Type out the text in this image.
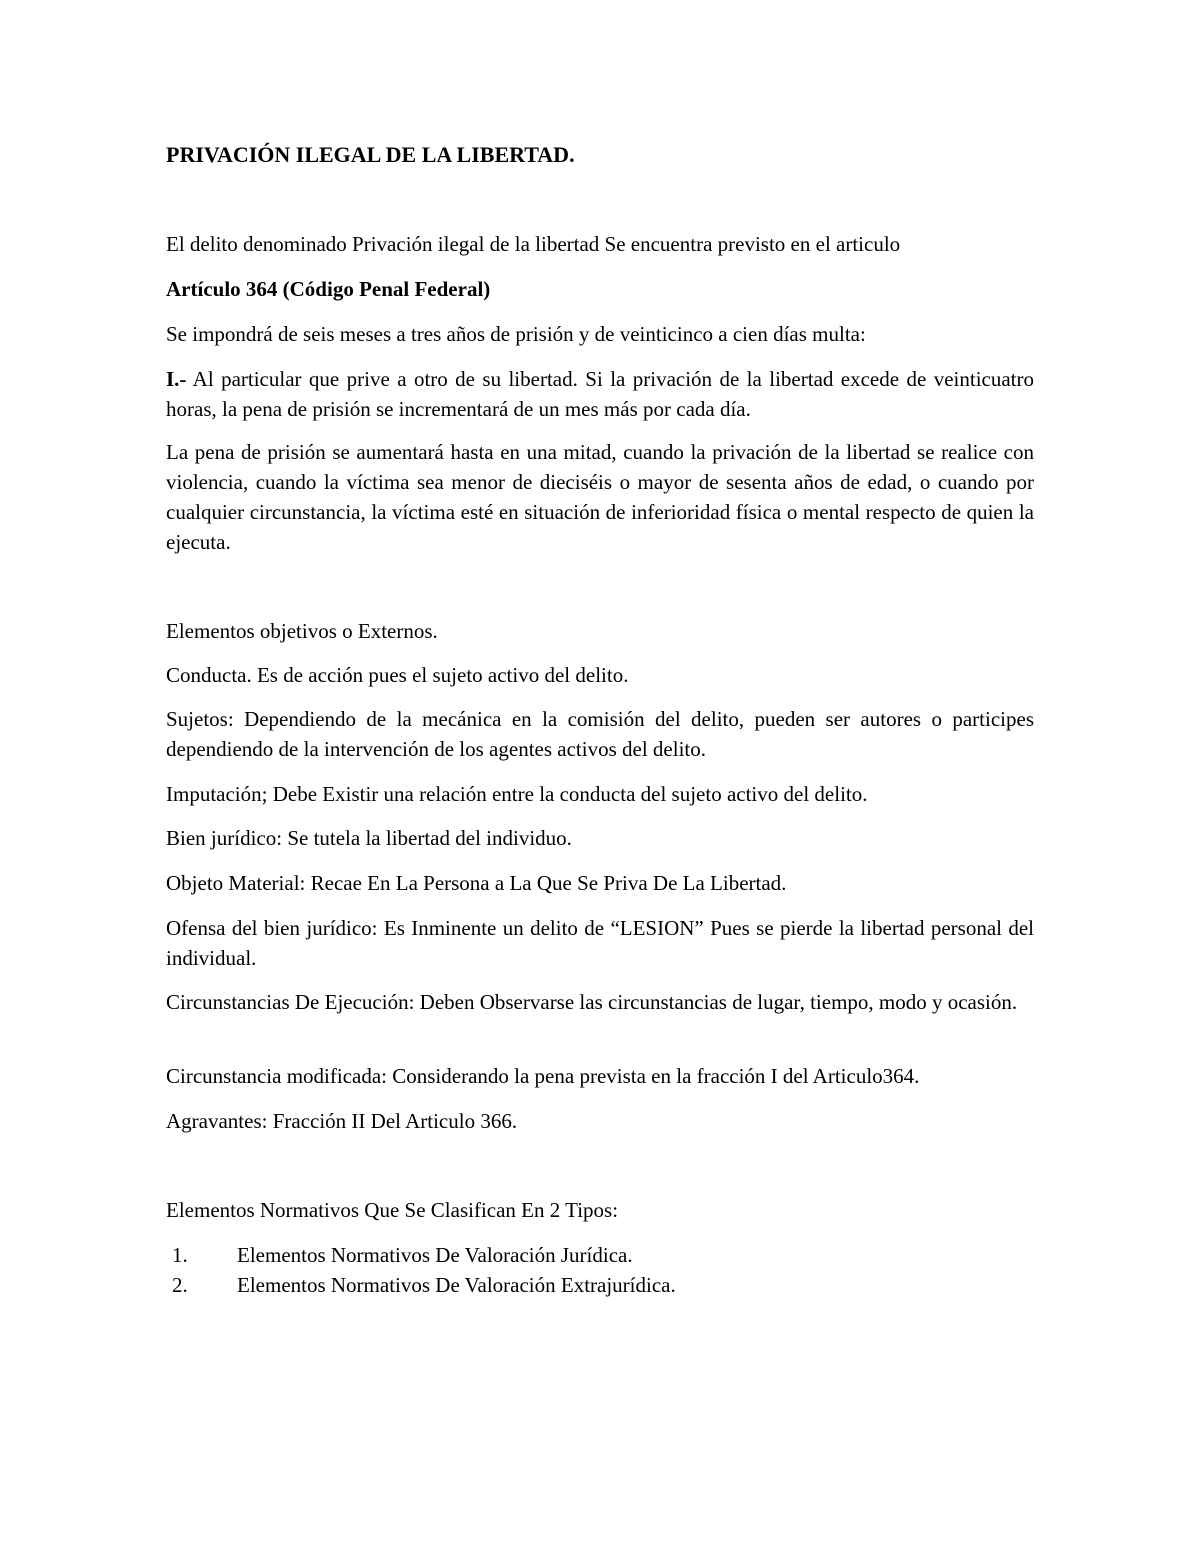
PRIVACIÓN ILEGAL DE LA LIBERTAD.

El delito denominado Privación ilegal de la libertad Se encuentra previsto en el articulo

Artículo 364 (Código Penal Federal)

Se impondrá de seis meses a tres años de prisión y de veinticinco a cien días multa:

I.- Al particular que prive a otro de su libertad. Si la privación de la libertad excede de veinticuatro horas, la pena de prisión se incrementará de un mes más por cada día.

La pena de prisión se aumentará hasta en una mitad, cuando la privación de la libertad se realice con violencia, cuando la víctima sea menor de dieciséis o mayor de sesenta años de edad, o cuando por cualquier circunstancia, la víctima esté en situación de inferioridad física o mental respecto de quien la ejecuta.

Elementos objetivos o Externos.

Conducta. Es de acción pues el sujeto activo del delito.

Sujetos: Dependiendo de la mecánica en la comisión del delito, pueden ser autores o participes dependiendo de la intervención de los agentes activos del delito.

Imputación; Debe Existir una relación entre la conducta del sujeto activo del delito.

Bien jurídico: Se tutela la libertad del individuo.

Objeto Material: Recae En La Persona a La Que Se Priva De La Libertad.

Ofensa del bien jurídico: Es Inminente un delito de “LESION” Pues se pierde la libertad personal del individual.

Circunstancias De Ejecución: Deben Observarse las circunstancias de lugar, tiempo, modo y ocasión.

Circunstancia modificada: Considerando la pena prevista en la fracción I del Articulo364.

Agravantes: Fracción II Del Articulo 366.

Elementos Normativos Que Se Clasifican En 2 Tipos:

1. Elementos Normativos De Valoración Jurídica.
2. Elementos Normativos De Valoración Extrajurídica.
